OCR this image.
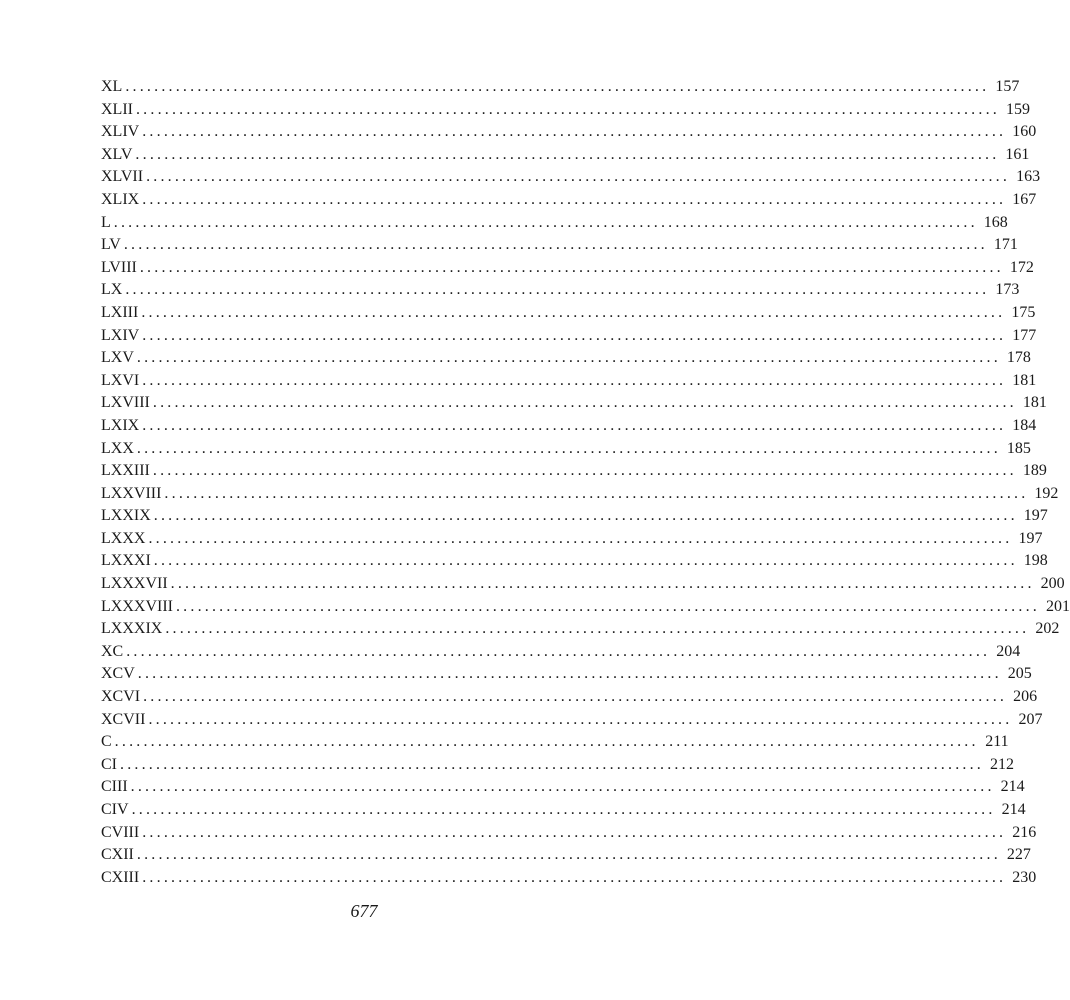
XL ........................................................................................................................ 157
XLII ........................................................................................................................ 159
XLIV ........................................................................................................................ 160
XLV ........................................................................................................................ 161
XLVII ........................................................................................................................ 163
XLIX ........................................................................................................................ 167
L ........................................................................................................................ 168
LV ........................................................................................................................ 171
LVIII ........................................................................................................................ 172
LX ........................................................................................................................ 173
LXIII ........................................................................................................................ 175
LXIV ........................................................................................................................ 177
LXV ........................................................................................................................ 178
LXVI ........................................................................................................................ 181
LXVIII ........................................................................................................................ 181
LXIX ........................................................................................................................ 184
LXX ........................................................................................................................ 185
LXXIII ........................................................................................................................ 189
LXXVIII ........................................................................................................................ 192
LXXIX ........................................................................................................................ 197
LXXX ........................................................................................................................ 197
LXXXI ........................................................................................................................ 198
LXXXVII ........................................................................................................................ 200
LXXXVIII ........................................................................................................................ 201
LXXXIX ........................................................................................................................ 202
XC ........................................................................................................................ 204
XCV ........................................................................................................................ 205
XCVI ........................................................................................................................ 206
XCVII ........................................................................................................................ 207
C ........................................................................................................................ 211
CI ........................................................................................................................ 212
CIII ........................................................................................................................ 214
CIV ........................................................................................................................ 214
CVIII ........................................................................................................................ 216
CXII ........................................................................................................................ 227
CXIII ........................................................................................................................ 230
677
